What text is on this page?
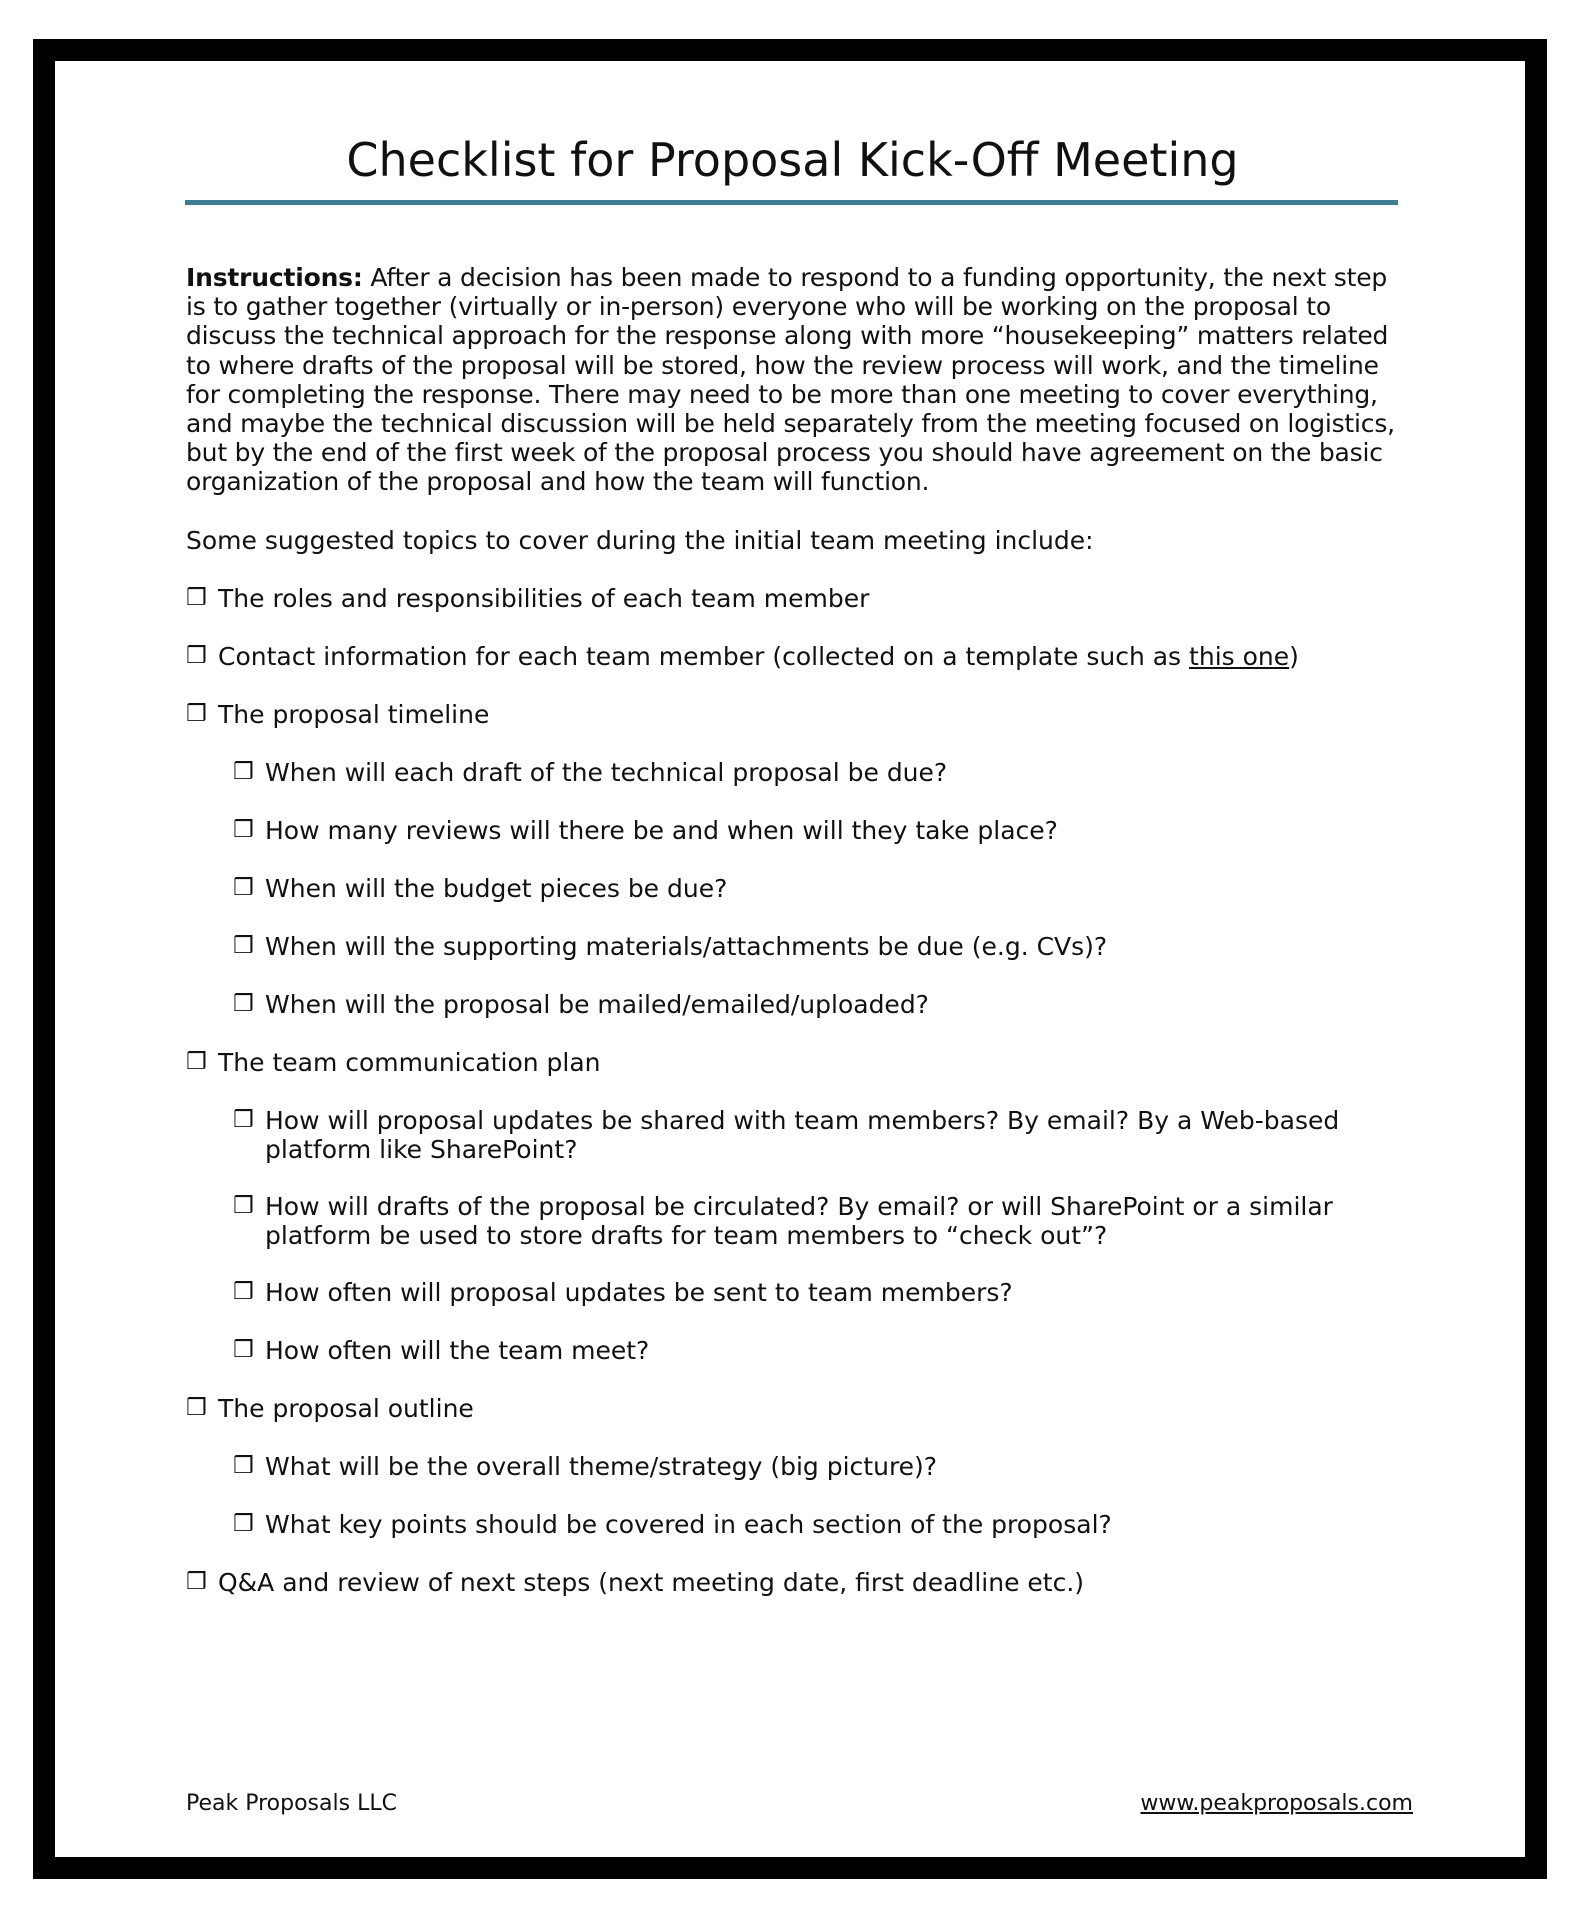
Checklist for Proposal Kick-Off Meeting

Instructions: After a decision has been made to respond to a funding opportunity, the next step is to gather together (virtually or in-person) everyone who will be working on the proposal to discuss the technical approach for the response along with more “housekeeping” matters related to where drafts of the proposal will be stored, how the review process will work, and the timeline for completing the response. There may need to be more than one meeting to cover everything, and maybe the technical discussion will be held separately from the meeting focused on logistics, but by the end of the first week of the proposal process you should have agreement on the basic organization of the proposal and how the team will function.

Some suggested topics to cover during the initial team meeting include:

❒ The roles and responsibilities of each team member
❒ Contact information for each team member (collected on a template such as this one)
❒ The proposal timeline
❒ When will each draft of the technical proposal be due?
❒ How many reviews will there be and when will they take place?
❒ When will the budget pieces be due?
❒ When will the supporting materials/attachments be due (e.g. CVs)?
❒ When will the proposal be mailed/emailed/uploaded?
❒ The team communication plan
❒ How will proposal updates be shared with team members? By email? By a Web-based platform like SharePoint?
❒ How will drafts of the proposal be circulated? By email? or will SharePoint or a similar platform be used to store drafts for team members to “check out”?
❒ How often will proposal updates be sent to team members?
❒ How often will the team meet?
❒ The proposal outline
❒ What will be the overall theme/strategy (big picture)?
❒ What key points should be covered in each section of the proposal?
❒ Q&A and review of next steps (next meeting date, first deadline etc.)
Peak Proposals LLC	www.peakproposals.com
